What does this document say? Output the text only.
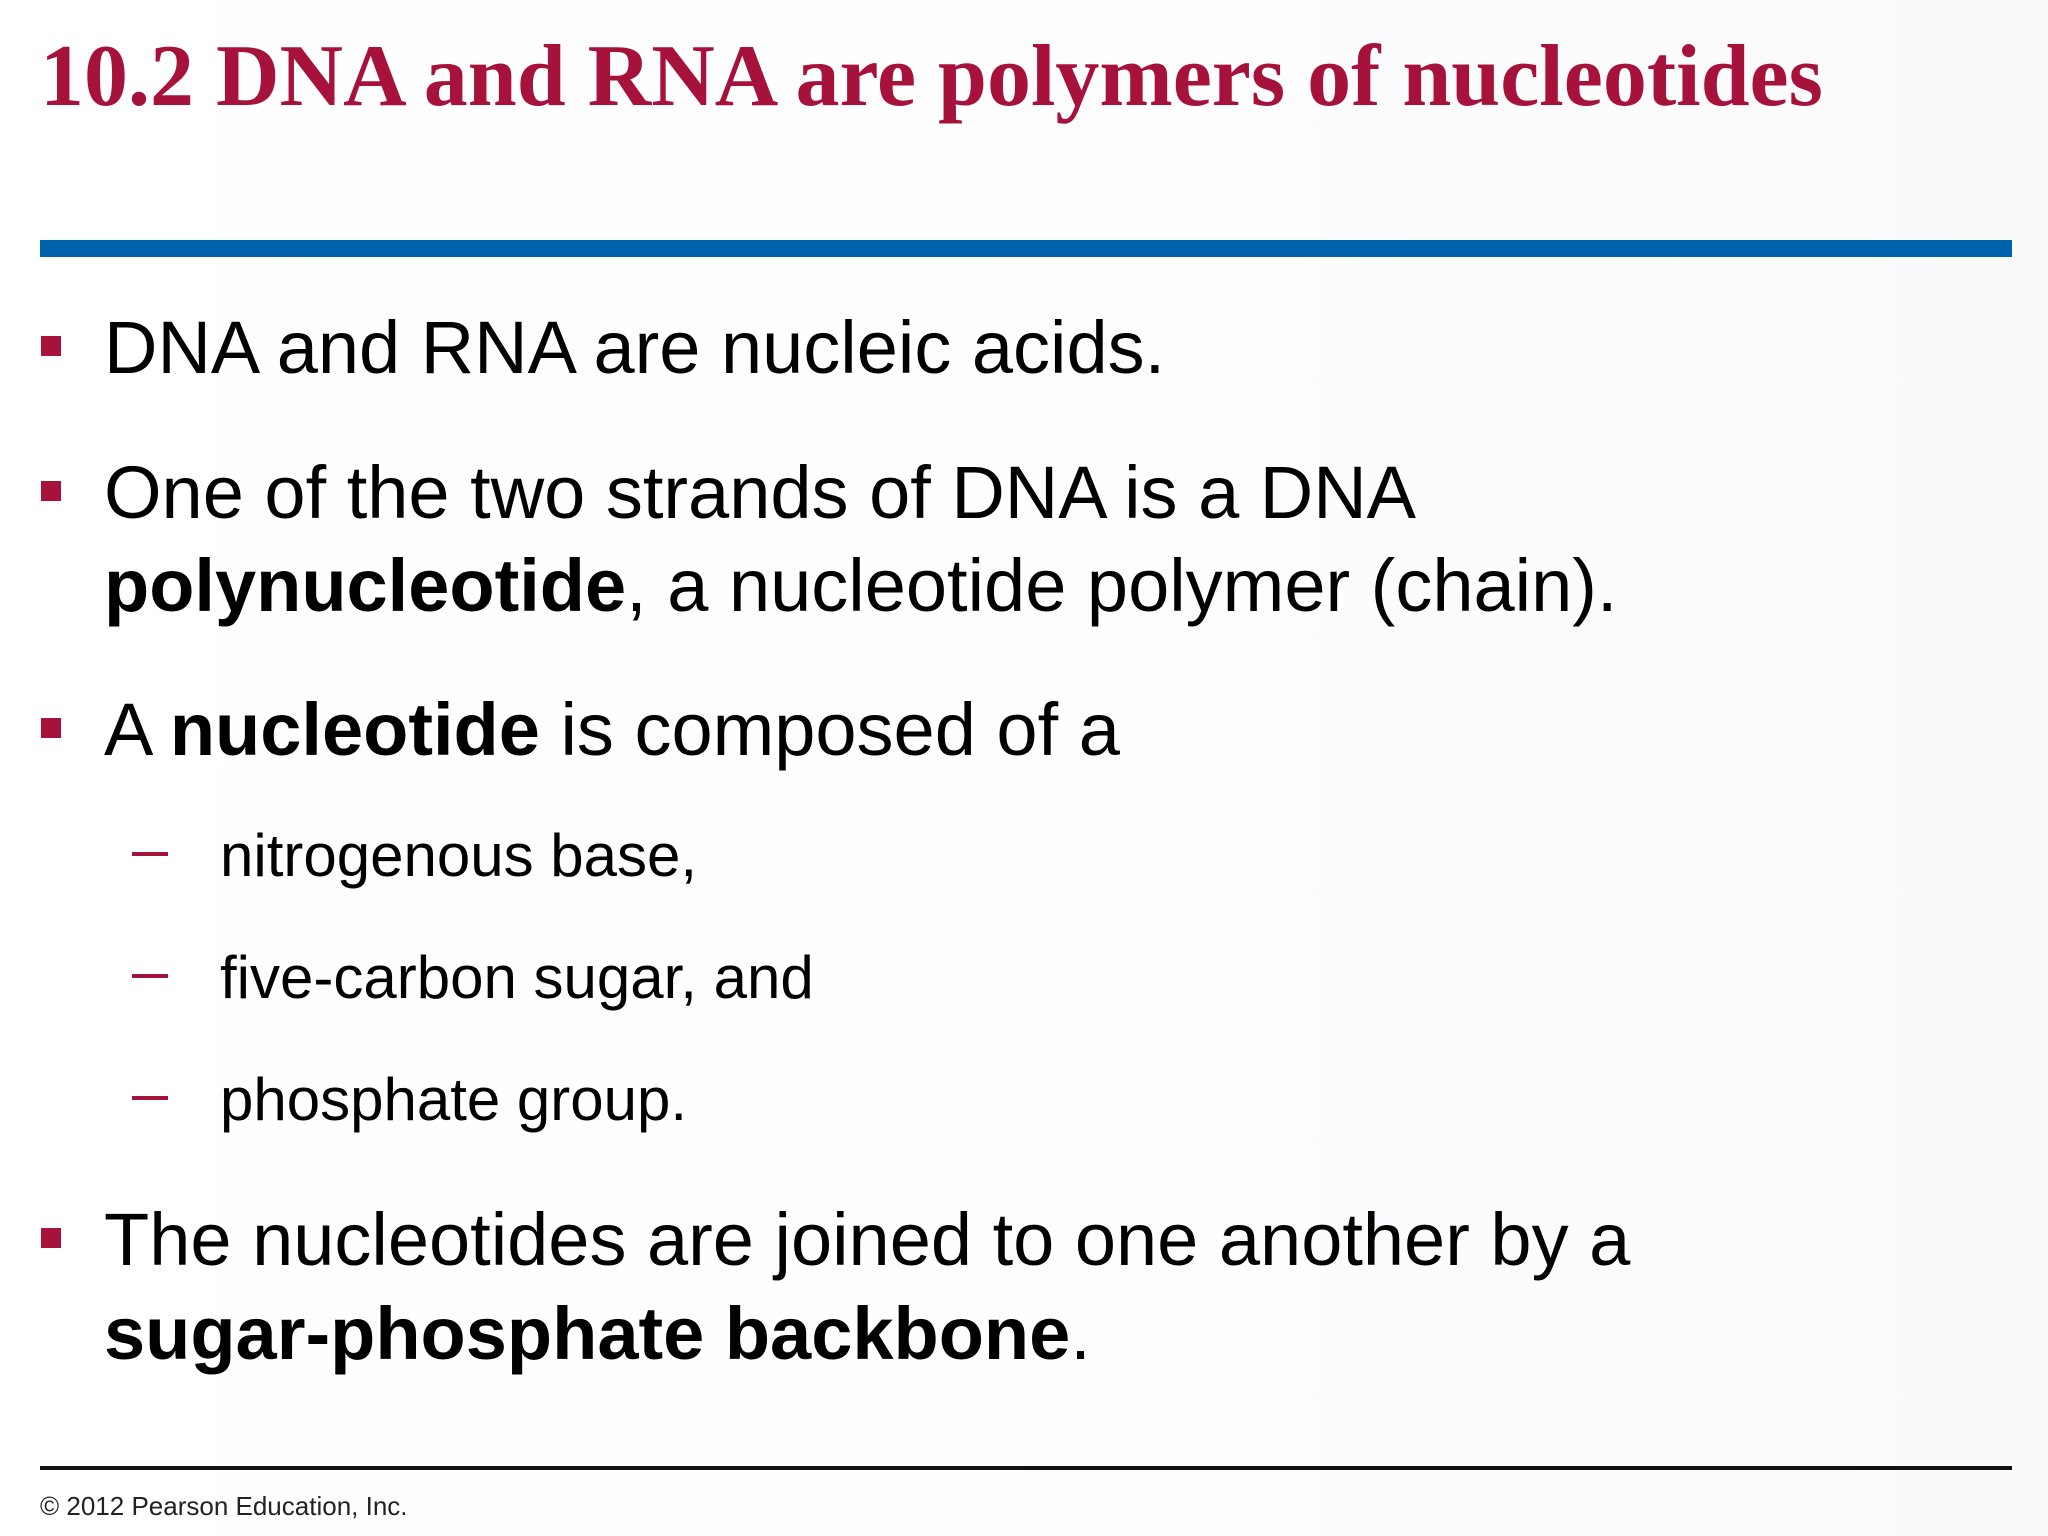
10.2 DNA and RNA are polymers of nucleotides
DNA and RNA are nucleic acids.
One of the two strands of DNA is a DNA
polynucleotide, a nucleotide polymer (chain).
A nucleotide is composed of a
nitrogenous base,
five-carbon sugar, and
phosphate group.
The nucleotides are joined to one another by a
sugar-phosphate backbone.
© 2012 Pearson Education, Inc.
